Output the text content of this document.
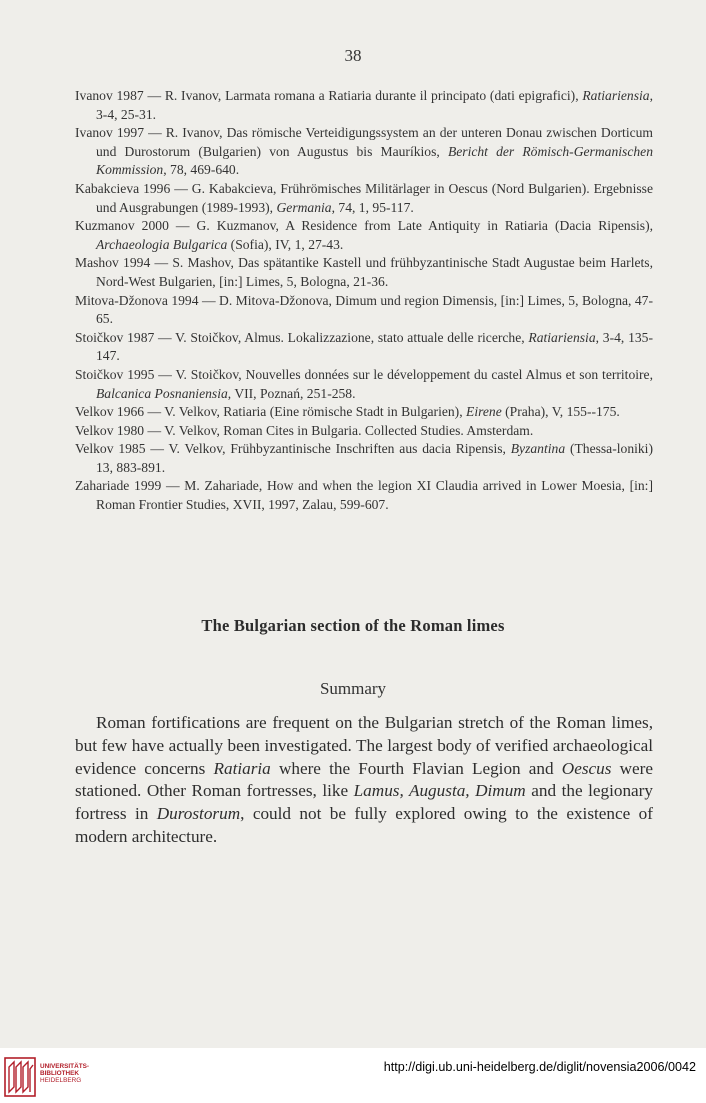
38

Ivanov 1987 — R. Ivanov, Larmata romana a Ratiaria durante il principato (dati epigrafici), Ratiariensia, 3-4, 25-31.

Ivanov 1997 — R. Ivanov, Das römische Verteidigungssystem an der unteren Donau zwischen Dorticum und Durostorum (Bulgarien) von Augustus bis Mauríkios, Bericht der Römisch-Germanischen Kommission, 78, 469-640.

Kabakcieva 1996 — G. Kabakcieva, Frührömisches Militärlager in Oescus (Nord Bulgarien). Ergebnisse und Ausgrabungen (1989-1993), Germania, 74, 1, 95-117.

Kuzmanov 2000 — G. Kuzmanov, A Residence from Late Antiquity in Ratiaria (Dacia Ripensis), Archaeologia Bulgarica (Sofia), IV, 1, 27-43.

Mashov 1994 — S. Mashov, Das spätantike Kastell und frühbyzantinische Stadt Augustae beim Harlets, Nord-West Bulgarien, [in:] Limes, 5, Bologna, 21-36.

Mitova-Džonova 1994 — D. Mitova-Džonova, Dimum und region Dimensis, [in:] Limes, 5, Bologna, 47-65.

Stoičkov 1987 — V. Stoičkov, Almus. Lokalizzazione, stato attuale delle ricerche, Ratiariensia, 3-4, 135-147.

Stoičkov 1995 — V. Stoičkov, Nouvelles données sur le développement du castel Almus et son territoire, Balcanica Posnaniensia, VII, Poznań, 251-258.

Velkov 1966 — V. Velkov, Ratiaria (Eine römische Stadt in Bulgarien), Eirene (Praha), V, 155--175.

Velkov 1980 — V. Velkov, Roman Cites in Bulgaria. Collected Studies. Amsterdam.

Velkov 1985 — V. Velkov, Frühbyzantinische Inschriften aus dacia Ripensis, Byzantina (Thessa-loniki) 13, 883-891.

Zahariade 1999 — M. Zahariade, How and when the legion XI Claudia arrived in Lower Moesia, [in:] Roman Frontier Studies, XVII, 1997, Zalau, 599-607.

The Bulgarian section of the Roman limes
Summary

Roman fortifications are frequent on the Bulgarian stretch of the Roman limes, but few have actually been investigated. The largest body of verified archaeological evidence concerns Ratiaria where the Fourth Flavian Legion and Oescus were stationed. Other Roman fortresses, like Lamus, Augusta, Dimum and the legionary fortress in Durostorum, could not be fully explored owing to the existence of modern architecture.

UNIVERSITÄTS-
BIBLIOTHEK
HEIDELBERG
http://digi.ub.uni-heidelberg.de/diglit/novensia2006/0042
